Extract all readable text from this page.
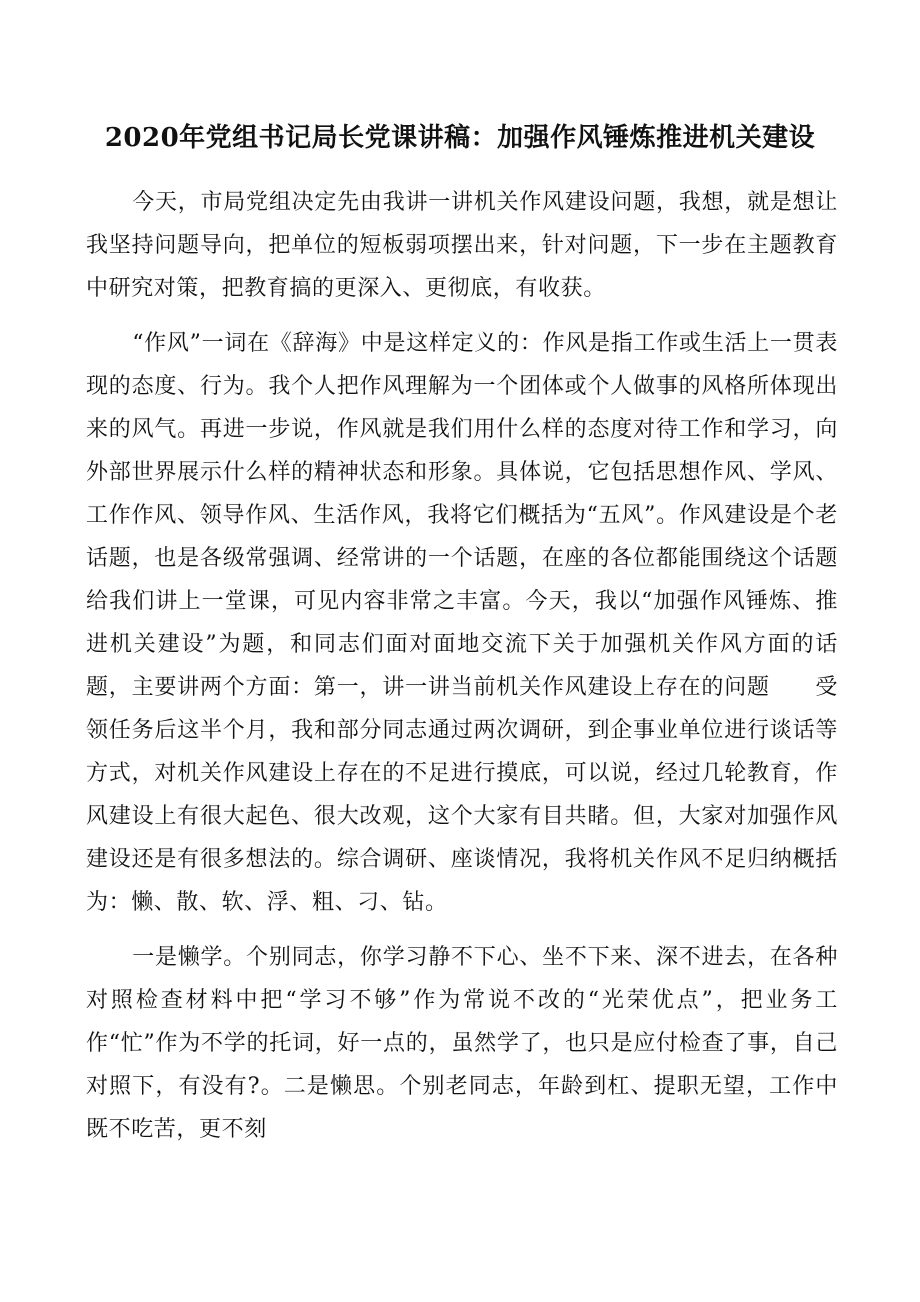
2020年党组书记局长党课讲稿：加强作风锤炼推进机关建设

今天，市局党组决定先由我讲一讲机关作风建设问题，我想，就是想让我坚持问题导向，把单位的短板弱项摆出来，针对问题，下一步在主题教育中研究对策，把教育搞的更深入、更彻底，有收获。

“作风”一词在《辞海》中是这样定义的：作风是指工作或生活上一贯表现的态度、行为。我个人把作风理解为一个团体或个人做事的风格所体现出来的风气。再进一步说，作风就是我们用什么样的态度对待工作和学习，向外部世界展示什么样的精神状态和形象。具体说，它包括思想作风、学风、工作作风、领导作风、生活作风，我将它们概括为“五风”。作风建设是个老话题，也是各级常强调、经常讲的一个话题，在座的各位都能围绕这个话题给我们讲上一堂课，可见内容非常之丰富。今天，我以“加强作风锤炼、推进机关建设”为题，和同志们面对面地交流下关于加强机关作风方面的话题，主要讲两个方面：第一，讲一讲当前机关作风建设上存在的问题　　受领任务后这半个月，我和部分同志通过两次调研，到企事业单位进行谈话等方式，对机关作风建设上存在的不足进行摸底，可以说，经过几轮教育，作风建设上有很大起色、很大改观，这个大家有目共睹。但，大家对加强作风建设还是有很多想法的。综合调研、座谈情况，我将机关作风不足归纳概括为：懒、散、软、浮、粗、刁、钻。

一是懒学。个别同志，你学习静不下心、坐不下来、深不进去，在各种对照检查材料中把“学习不够”作为常说不改的“光荣优点”，把业务工作“忙”作为不学的托词，好一点的，虽然学了，也只是应付检查了事，自己对照下，有没有?。二是懒思。个别老同志，年龄到杠、提职无望，工作中既不吃苦，更不刻
